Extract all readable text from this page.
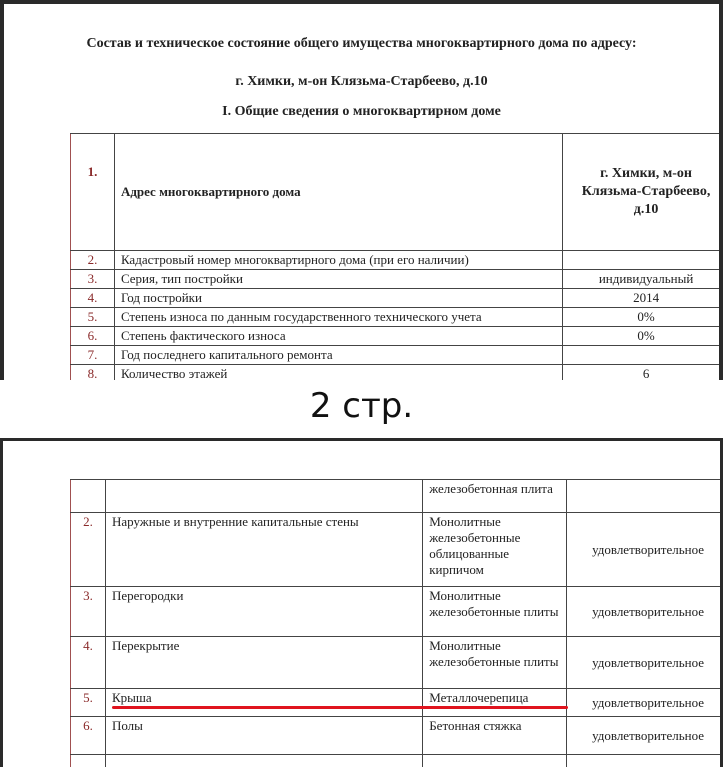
Состав и техническое состояние общего имущества многоквартирного дома по адресу:
г. Химки, м-он Клязьма-Старбеево, д.10
I. Общие сведения о многоквартирном доме
1.	Адрес многоквартирного дома	г. Химки, м-он Клязьма-Старбеево, д.10
2.	Кадастровый номер многоквартирного дома (при его наличии)	
3.	Серия, тип постройки	индивидуальный
4.	Год постройки	2014
5.	Степень износа по данным государственного технического учета	0%
6.	Степень фактического износа	0%
7.	Год последнего капитального ремонта	
8.	Количество этажей	6
2 стр.
		железобетонная плита	
2.	Наружные и внутренние капитальные стены	Монолитные железобетонные облицованные кирпичом	удовлетворительное
3.	Перегородки	Монолитные железобетонные плиты	удовлетворительное
4.	Перекрытие	Монолитные железобетонные плиты	удовлетворительное
5.	Крыша	Металлочерепица	удовлетворительное
6.	Полы	Бетонная стяжка	удовлетворительное
